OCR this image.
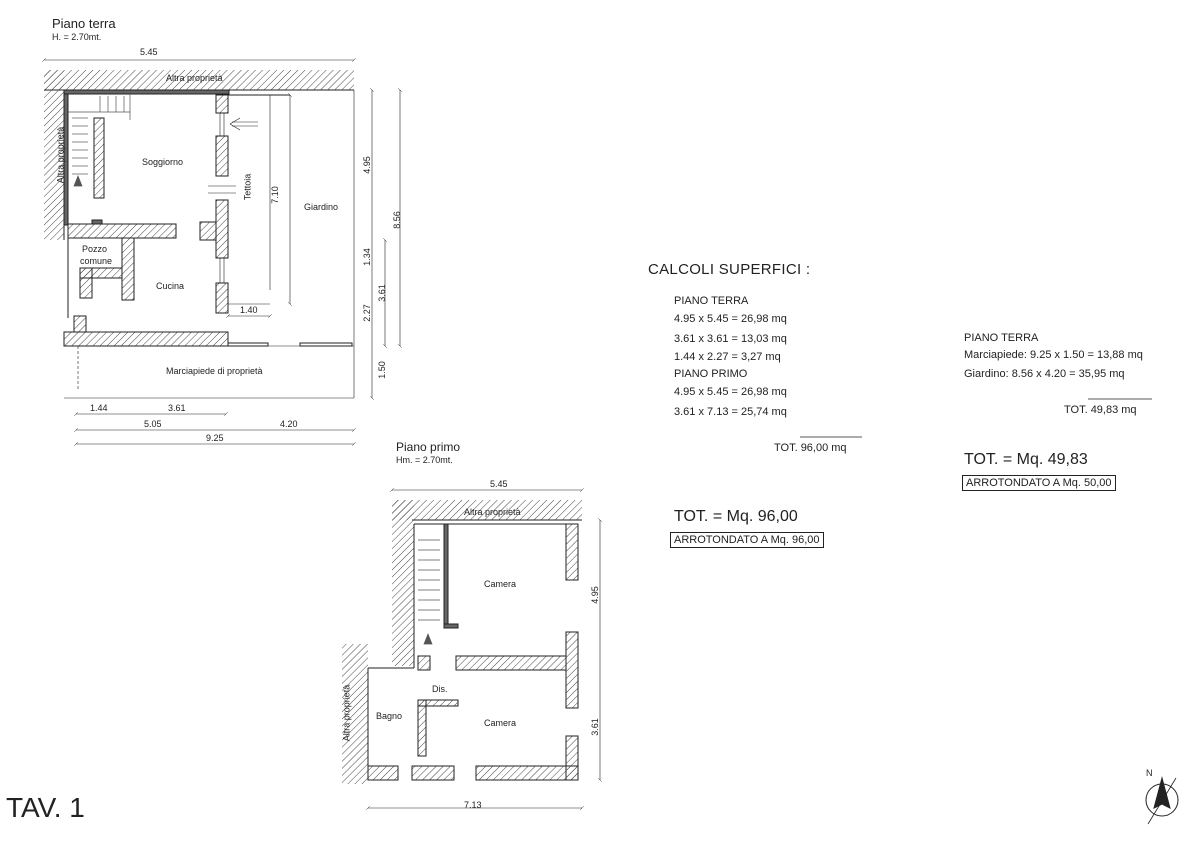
Piano terra
H. = 2.70mt.
5.45
Altra proprietà
Altra proprietà	Soggiorno
Tettoia
Giardino
7.10
4.95
8.56
1.34
3.61
2.27
1.50
Pozzo
comune
Cucina
1.40
Marciapiede di proprietà
1.44	3.61
5.05	4.20
9.25
Piano primo
Hm. = 2.70mt.
5.45
Altra proprietà
Camera
4.95
Dis.
Altra proprietà	Bagno
Camera	3.61
7.13
CALCOLI SUPERFICI :
PIANO TERRA
4.95 x 5.45 = 26,98 mq
3.61 x 3.61 = 13,03 mq
1.44 x 2.27 = 3,27 mq
PIANO PRIMO
4.95 x 5.45 = 26,98 mq
3.61 x 7.13 = 25,74 mq
TOT. 96,00 mq
TOT. = Mq. 96,00
ARROTONDATO A Mq. 96,00
PIANO TERRA
Marciapiede: 9.25 x 1.50 = 13,88 mq
Giardino: 8.56 x 4.20 = 35,95 mq
TOT. 49,83 mq
TOT. = Mq. 49,83
ARROTONDATO A Mq. 50,00
TAV. 1
N
